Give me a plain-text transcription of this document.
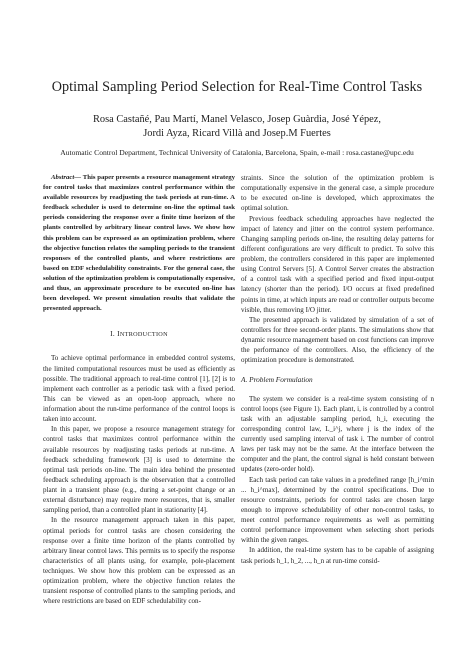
Optimal Sampling Period Selection for Real-Time Control Tasks
Rosa Castañé, Pau Martí, Manel Velasco, Josep Guàrdia, José Yépez,
Jordi Ayza, Ricard Villà and Josep.M Fuertes
Automatic Control Department, Technical University of Catalonia, Barcelona, Spain, e-mail : rosa.castane@upc.edu

Abstract— This paper presents a resource management strategy for control tasks that maximizes control performance within the available resources by readjusting the task periods at run-time. A feedback scheduler is used to determine on-line the optimal task periods considering the response over a finite time horizon of the plants controlled by arbitrary linear control laws. We show how this problem can be expressed as an optimization problem, where the objective function relates the sampling periods to the transient responses of the controlled plants, and where restrictions are based on EDF schedulability constraints. For the general case, the solution of the optimization problem is computationally expensive, and thus, an approximate procedure to be executed on-line has been developed. We present simulation results that validate the presented approach.

I. INTRODUCTION

To achieve optimal performance in embedded control systems, the limited computational resources must be used as efficiently as possible. The traditional approach to real-time control [1], [2] is to implement each controller as a periodic task with a fixed period. This can be viewed as an open-loop approach, where no information about the run-time performance of the control loops is taken into account.

In this paper, we propose a resource management strategy for control tasks that maximizes control performance within the available resources by readjusting tasks periods at run-time. A feedback scheduling framework [3] is used to determine the optimal task periods on-line. The main idea behind the presented feedback scheduling approach is the observation that a controlled plant in a transient phase (e.g., during a set-point change or an external disturbance) may require more resources, that is, smaller sampling period, than a controlled plant in stationarity [4].

In the resource management approach taken in this paper, optimal periods for control tasks are chosen considering the response over a finite time horizon of the plants controlled by arbitrary linear control laws. This permits us to specify the response characteristics of all plants using, for example, pole-placement techniques. We show how this problem can be expressed as an optimization problem, where the objective function relates the transient response of controlled plants to the sampling periods, and where restrictions are based on EDF schedulability con-

straints. Since the solution of the optimization problem is computationally expensive in the general case, a simple procedure to be executed on-line is developed, which approximates the optimal solution.

Previous feedback scheduling approaches have neglected the impact of latency and jitter on the control system performance. Changing sampling periods on-line, the resulting delay patterns for different configurations are very difficult to predict. To solve this problem, the controllers considered in this paper are implemented using Control Servers [5]. A Control Server creates the abstraction of a control task with a specified period and fixed input-output latency (shorter than the period). I/O occurs at fixed predefined points in time, at which inputs are read or controller outputs become visible, thus removing I/O jitter.

The presented approach is validated by simulation of a set of controllers for three second-order plants. The simulations show that dynamic resource management based on cost functions can improve the performance of the controllers. Also, the efficiency of the optimization procedure is demonstrated.

A. Problem Formulation

The system we consider is a real-time system consisting of n control loops (see Figure 1). Each plant, i, is controlled by a control task with an adjustable sampling period, h_i, executing the corresponding control law, L_i^j, where j is the index of the currently used sampling interval of task i. The number of control laws per task may not be the same. At the interface between the computer and the plant, the control signal is held constant between updates (zero-order hold).

Each task period can take values in a predefined range [h_i^min ... h_i^max], determined by the control specifications. Due to resource constraints, periods for control tasks are chosen large enough to improve schedulability of other non-control tasks, to meet control performance requirements as well as permitting control performance improvement when selecting short periods within the given ranges.

In addition, the real-time system has to be capable of assigning task periods h_1, h_2, ..., h_n at run-time consid-
